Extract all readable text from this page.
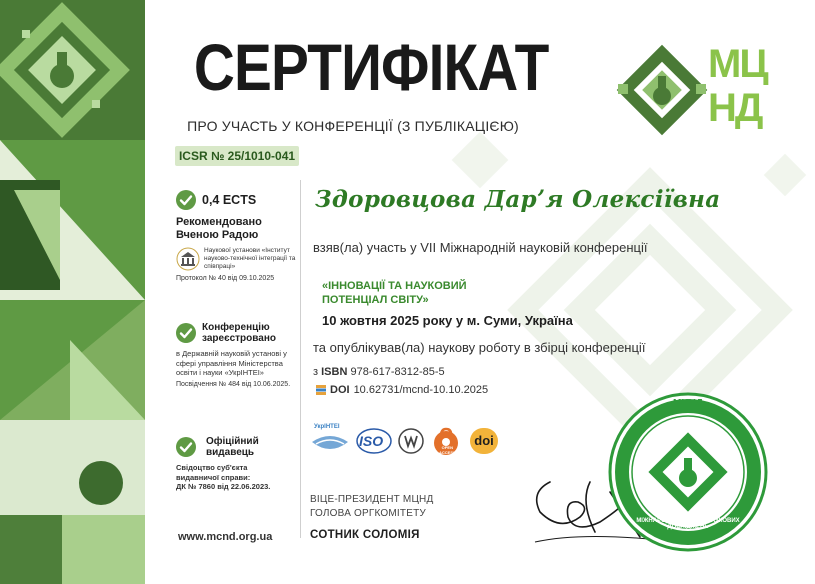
СЕРТИФІКАТ
ПРО УЧАСТЬ У КОНФЕРЕНЦІЇ (З ПУБЛІКАЦІЄЮ)
ICSR № 25/1010-041
МЦНД
0,4 ECTS
Рекомендовано
Вченою Радою
Наукової установи «Інститут науково-технічної інтеграції та співпраці»
Протокол № 40 від 09.10.2025
Конференцію
зареєстровано
в Державній науковій установі у сфері управління Міністерства освіти і науки «УкрІНТЕІ»
Посвідчення № 484 від 10.06.2025.
Офіційний
видавець
Свідоцтво суб'єкта
видавничої справи:
ДК № 7860 від 22.06.2023.
www.mcnd.org.ua
Здоровцова Дарʼя Олексіївна
взяв(ла) участь у VІІ Міжнародній науковій конференції
«ІННОВАЦІЇ ТА НАУКОВИЙ
ПОТЕНЦІАЛ СВІТУ»
10 жовтня 2025 року у м. Суми, Україна
та опублікував(ла) наукову роботу в збірці конференції
з ISBN 978-617-8312-85-5
DOI 10.62731/mcnd-10.10.2025
УкрІНТЕІ
ISO	OPEN
ACCESS
doi
ВІЦЕ-ПРЕЗИДЕНТ МЦНД
ГОЛОВА ОРГКОМІТЕТУ
СОТНИК СОЛОМІЯ
МЦНД
МІЖНАРОДНИЙ ЦЕНТР НАУКОВИХ ДОСЛІДЖЕНЬ
